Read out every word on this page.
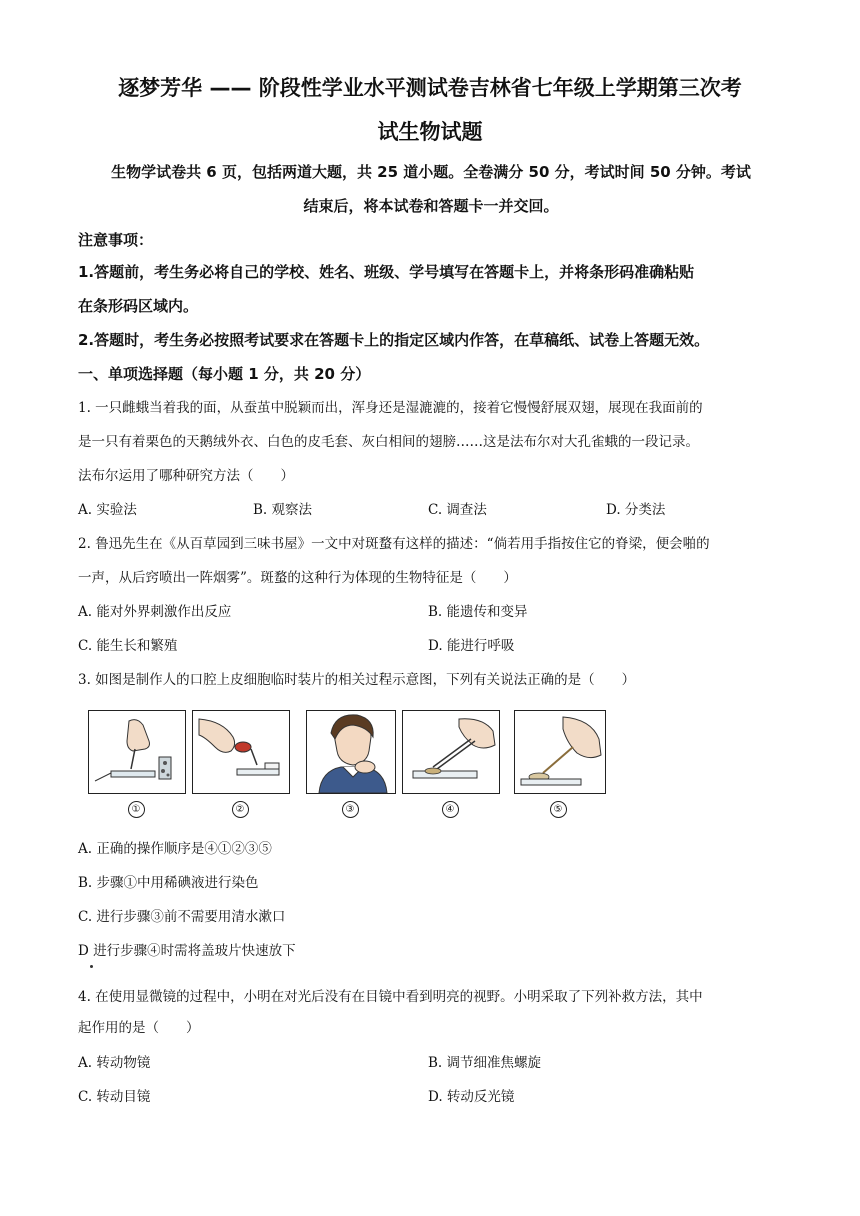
逐梦芳华 —— 阶段性学业水平测试卷吉林省七年级上学期第三次考
试生物试题
生物学试卷共 6 页，包括两道大题，共 25 道小题。全卷满分 50 分，考试时间 50 分钟。考试
结束后，将本试卷和答题卡一并交回。
注意事项：
1.答题前，考生务必将自己的学校、姓名、班级、学号填写在答题卡上，并将条形码准确粘贴
在条形码区域内。
2.答题时，考生务必按照考试要求在答题卡上的指定区域内作答，在草稿纸、试卷上答题无效。
一、单项选择题（每小题 1 分，共 20 分）
1. 一只雌蛾当着我的面，从蚕茧中脱颖而出，浑身还是湿漉漉的，接着它慢慢舒展双翅，展现在我面前的
是一只有着栗色的天鹅绒外衣、白色的皮毛套、灰白相间的翅膀……这是法布尔对大孔雀蛾的一段记录。
法布尔运用了哪种研究方法（　　）
A. 实验法	B. 观察法	C. 调查法	D. 分类法
2. 鲁迅先生在《从百草园到三味书屋》一文中对斑蝥有这样的描述：“倘若用手指按住它的脊梁，便会啪的
一声，从后窍喷出一阵烟雾”。斑蝥的这种行为体现的生物特征是（　　）
A. 能对外界刺激作出反应	B. 能遗传和变异
C. 能生长和繁殖	D. 能进行呼吸
3. 如图是制作人的口腔上皮细胞临时装片的相关过程示意图，下列有关说法正确的是（　　）
①	②	③	④	⑤
A. 正确的操作顺序是④①②③⑤
B. 步骤①中用稀碘液进行染色
C. 进行步骤③前不需要用清水漱口
D 进行步骤④时需将盖玻片快速放下
4. 在使用显微镜的过程中，小明在对光后没有在目镜中看到明亮的视野。小明采取了下列补救方法，其中
起作用的是（　　）
A. 转动物镜	B. 调节细准焦螺旋
C. 转动目镜	D. 转动反光镜
